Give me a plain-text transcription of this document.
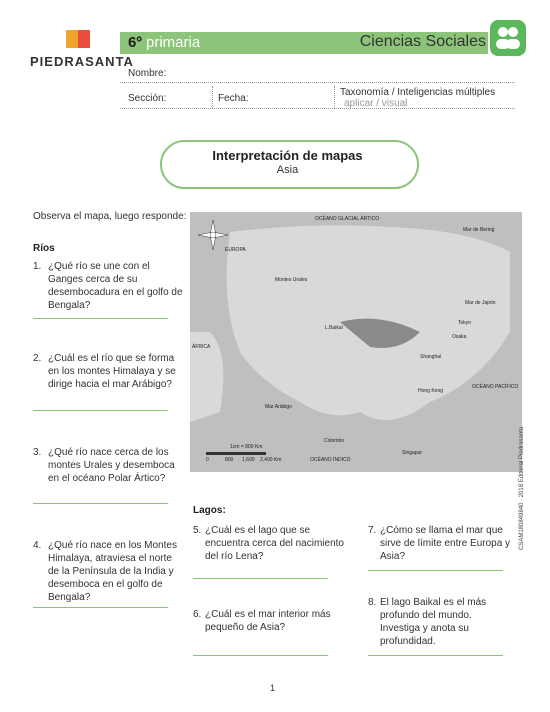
PIEDRASANTA
6º primaria	Ciencias Sociales
Nombre:
Sección:	Fecha:
Taxonomía / Inteligencias múltiples
aplicar / visual
Interpretación de mapas
Asia
Observa el mapa, luego responde:
Ríos
1. ¿Qué río se une con el Ganges cerca de su desembocadura en el golfo de Bengala?
2. ¿Cuál es el río que se forma en los montes Himalaya y se dirige hacia el mar Arábigo?
3. ¿Qué río nace cerca de los montes Urales y desemboca en el océano Polar Ártico?
4. ¿Qué río nace en los Montes Himalaya, atraviesa el norte de la Península de la India y desemboca en el golfo de Bengala?
OCÉANO GLACIAL ÁRTICO
EUROPA
ÁFRICA
Montes Urales
L.Baikal
Mar Arábigo
OCÉANO ÍNDICO
OCÉANO PACÍFICO
Shanghai
Hong Kong
Tokyo
Osaka
Colombo
Singapur
Mar de Bering
Mar de Japón
1cm = 800 Km
0	800 1,600 2,400 Km
Lagos:
5. ¿Cuál es el lago que se encuentra cerca del nacimiento del río Lena?
6. ¿Cuál es el mar interior más pequeño de Asia?
7. ¿Cómo se llama el mar que sirve de límite entre Europa y Asia?
8. El lago Baikal es el más profundo del mundo. Investiga y anota su profundidad.
1
CSAM180849840 · 2018 Editorial Piedrasanta
